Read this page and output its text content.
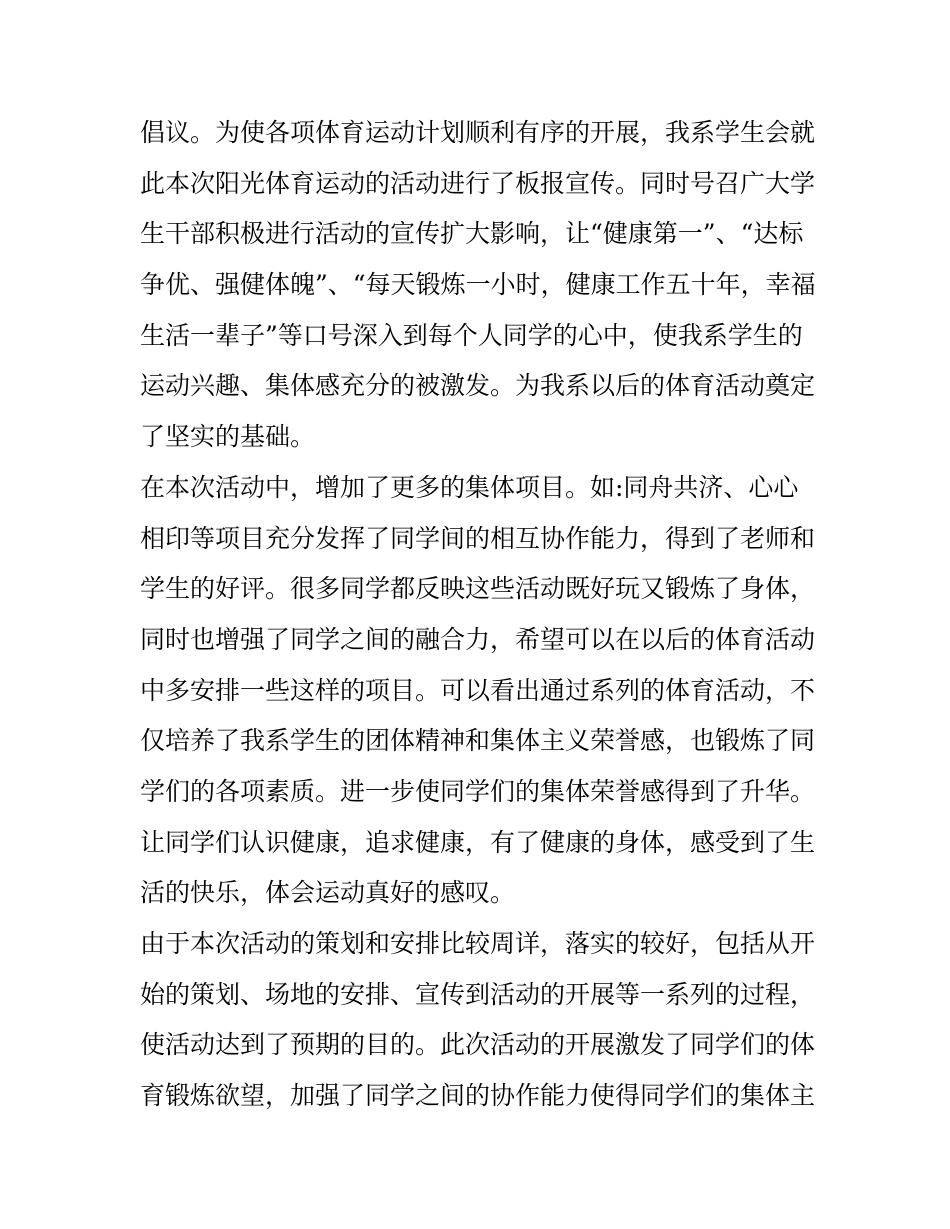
倡议。为使各项体育运动计划顺利有序的开展，我系学生会就
此本次阳光体育运动的活动进行了板报宣传。同时号召广大学
生干部积极进行活动的宣传扩大影响，让“健康第一”、“达标
争优、强健体魄”、“每天锻炼一小时，健康工作五十年，幸福
生活一辈子”等口号深入到每个人同学的心中，使我系学生的
运动兴趣、集体感充分的被激发。为我系以后的体育活动奠定
了坚实的基础。
在本次活动中，增加了更多的集体项目。如:同舟共济、心心
相印等项目充分发挥了同学间的相互协作能力，得到了老师和
学生的好评。很多同学都反映这些活动既好玩又锻炼了身体，
同时也增强了同学之间的融合力，希望可以在以后的体育活动
中多安排一些这样的项目。可以看出通过系列的体育活动，不
仅培养了我系学生的团体精神和集体主义荣誉感，也锻炼了同
学们的各项素质。进一步使同学们的集体荣誉感得到了升华。
让同学们认识健康，追求健康，有了健康的身体，感受到了生
活的快乐，体会运动真好的感叹。
由于本次活动的策划和安排比较周详，落实的较好，包括从开
始的策划、场地的安排、宣传到活动的开展等一系列的过程，
使活动达到了预期的目的。此次活动的开展激发了同学们的体
育锻炼欲望，加强了同学之间的协作能力使得同学们的集体主
